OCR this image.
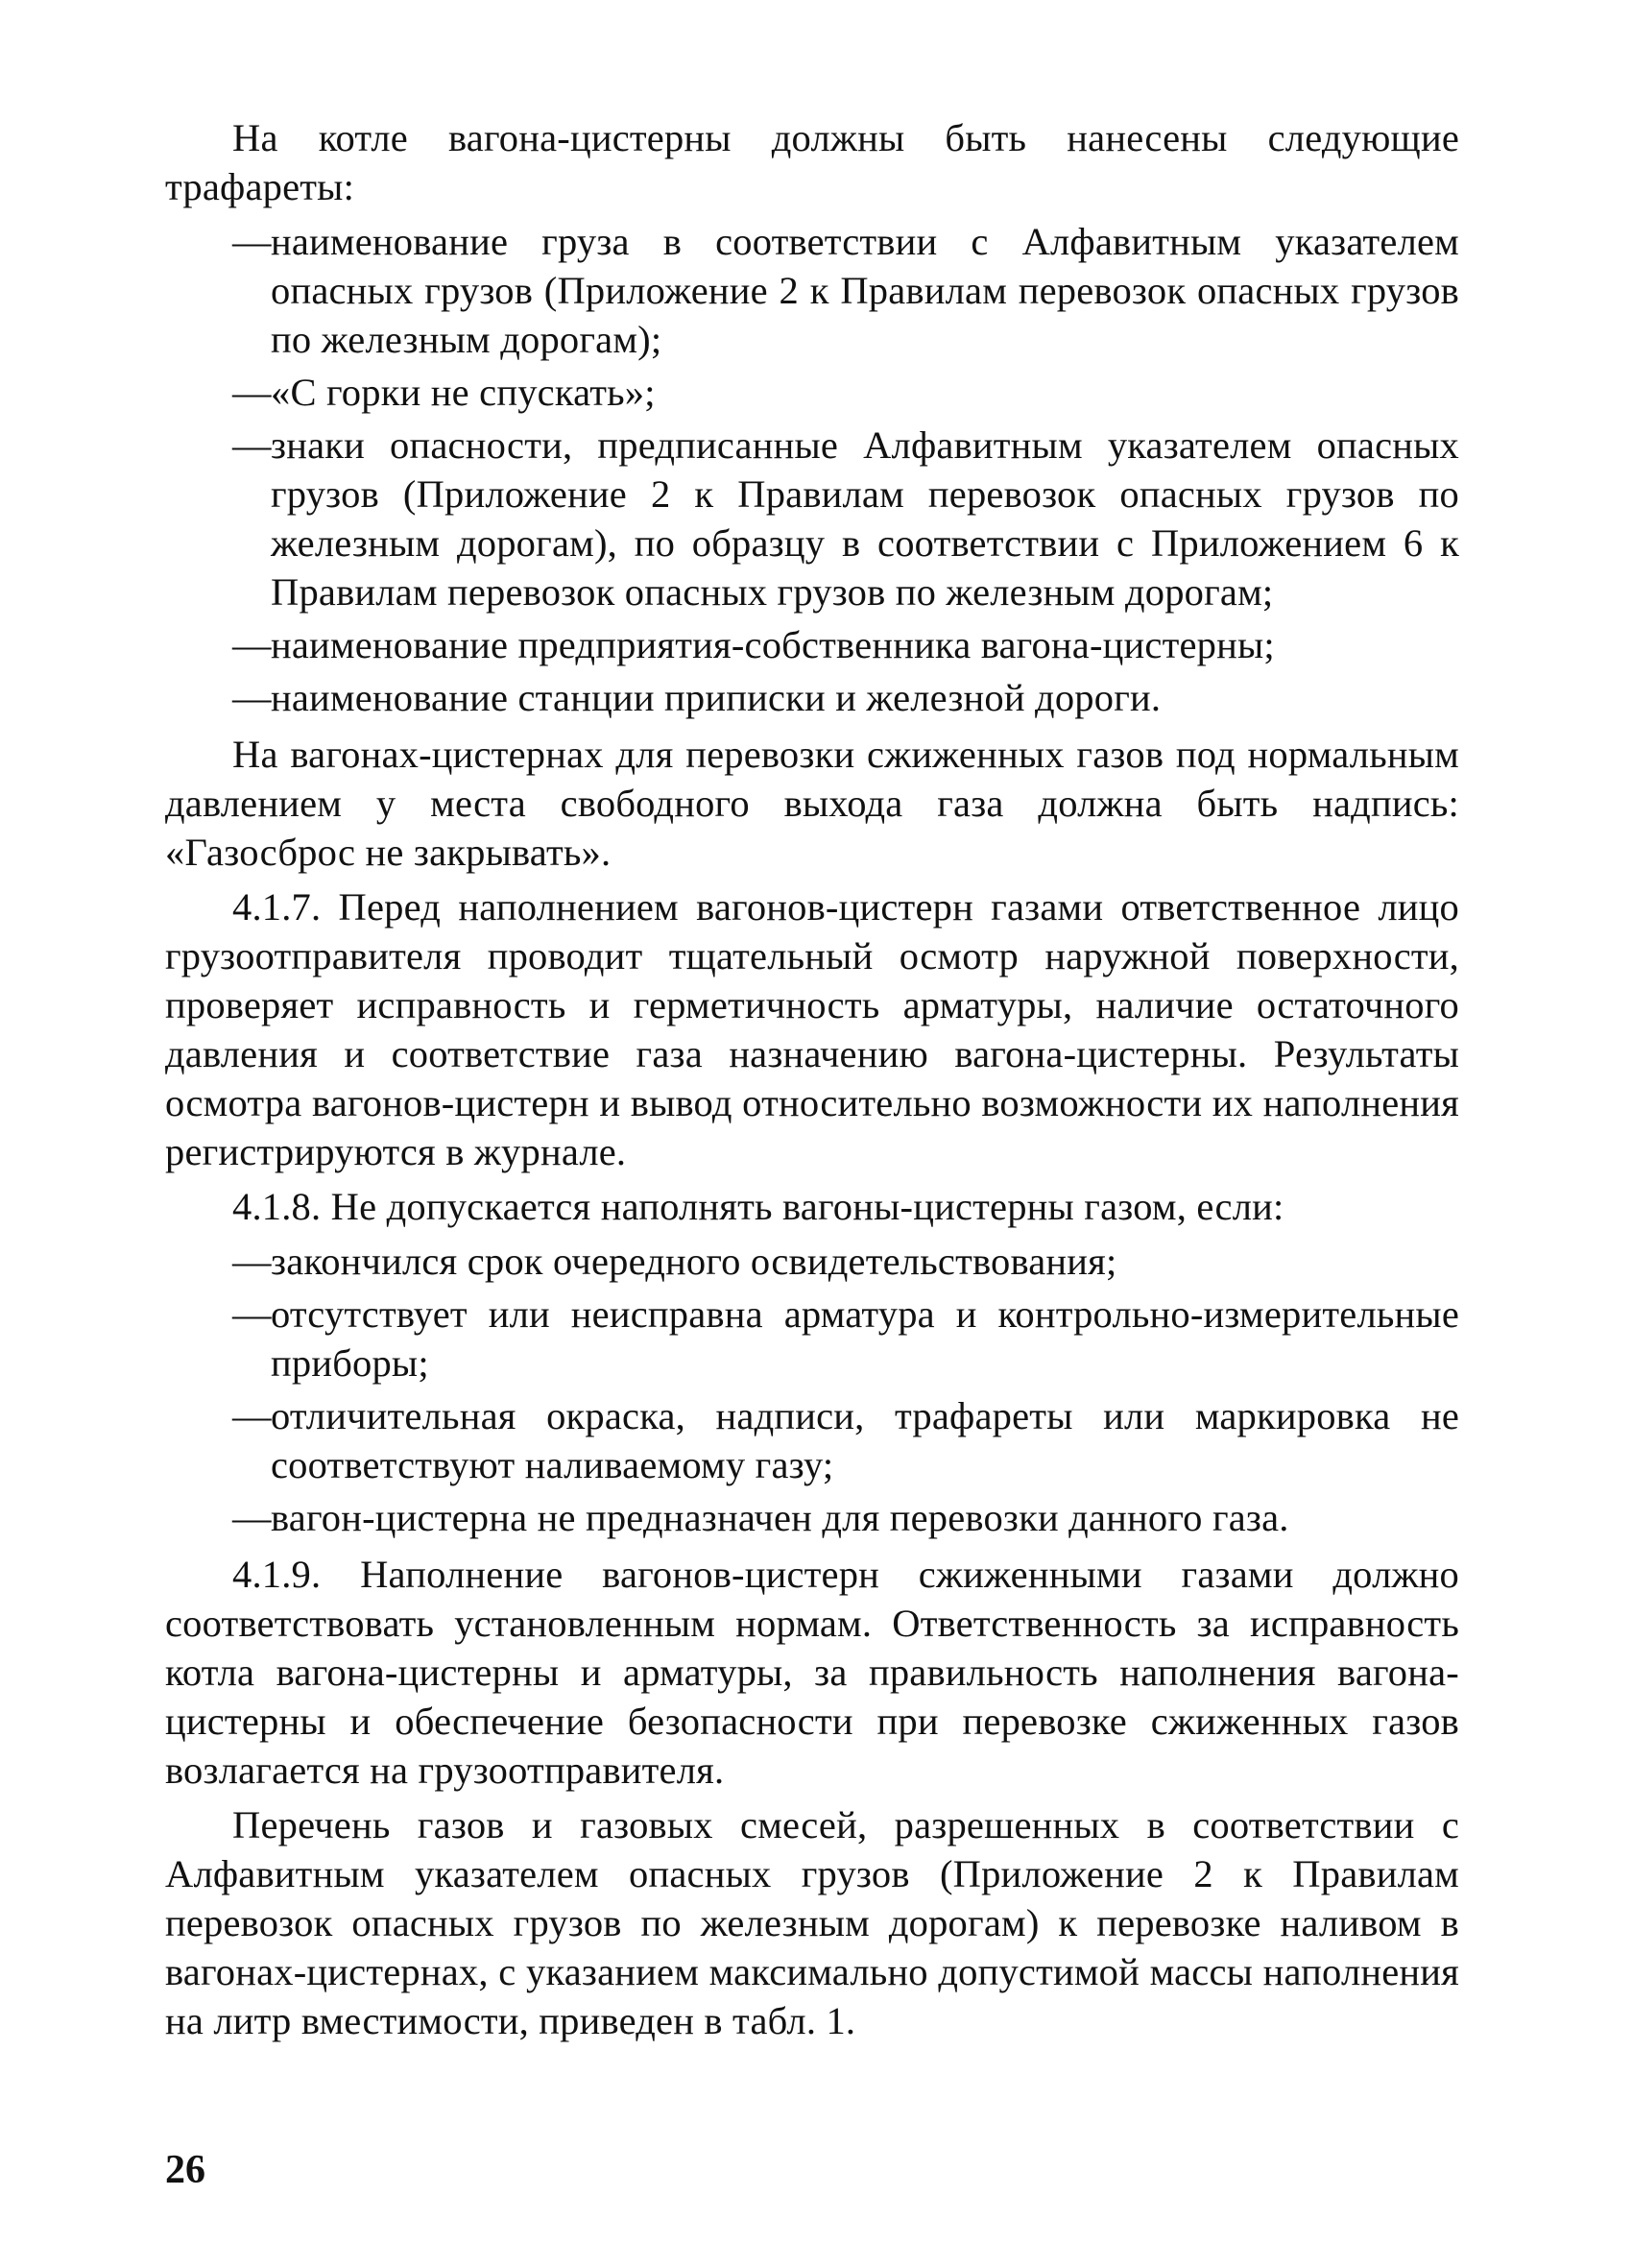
На котле вагона-цистерны должны быть нанесены следующие трафареты:

— наименование груза в соответствии с Алфавитным указателем опасных грузов (Приложение 2 к Правилам перевозок опасных грузов по железным дорогам);
— «С горки не спускать»;
— знаки опасности, предписанные Алфавитным указателем опасных грузов (Приложение 2 к Правилам перевозок опасных грузов по железным дорогам), по образцу в соответствии с Приложением 6 к Правилам перевозок опасных грузов по железным дорогам;
— наименование предприятия-собственника вагона-цистерны;
— наименование станции приписки и железной дороги.

На вагонах-цистернах для перевозки сжиженных газов под нормальным давлением у места свободного выхода газа должна быть надпись: «Газосброс не закрывать».

4.1.7. Перед наполнением вагонов-цистерн газами ответственное лицо грузоотправителя проводит тщательный осмотр наружной поверхности, проверяет исправность и герметичность арматуры, наличие остаточного давления и соответствие газа назначению вагона-цистерны. Результаты осмотра вагонов-цистерн и вывод относительно возможности их наполнения регистрируются в журнале.

4.1.8. Не допускается наполнять вагоны-цистерны газом, если:

— закончился срок очередного освидетельствования;
— отсутствует или неисправна арматура и контрольно-измерительные приборы;
— отличительная окраска, надписи, трафареты или маркировка не соответствуют наливаемому газу;
— вагон-цистерна не предназначен для перевозки данного газа.

4.1.9. Наполнение вагонов-цистерн сжиженными газами должно соответствовать установленным нормам. Ответственность за исправность котла вагона-цистерны и арматуры, за правильность наполнения вагона-цистерны и обеспечение безопасности при перевозке сжиженных газов возлагается на грузоотправителя.

Перечень газов и газовых смесей, разрешенных в соответствии с Алфавитным указателем опасных грузов (Приложение 2 к Правилам перевозок опасных грузов по железным дорогам) к перевозке наливом в вагонах-цистернах, с указанием максимально допустимой массы наполнения на литр вместимости, приведен в табл. 1.

26
